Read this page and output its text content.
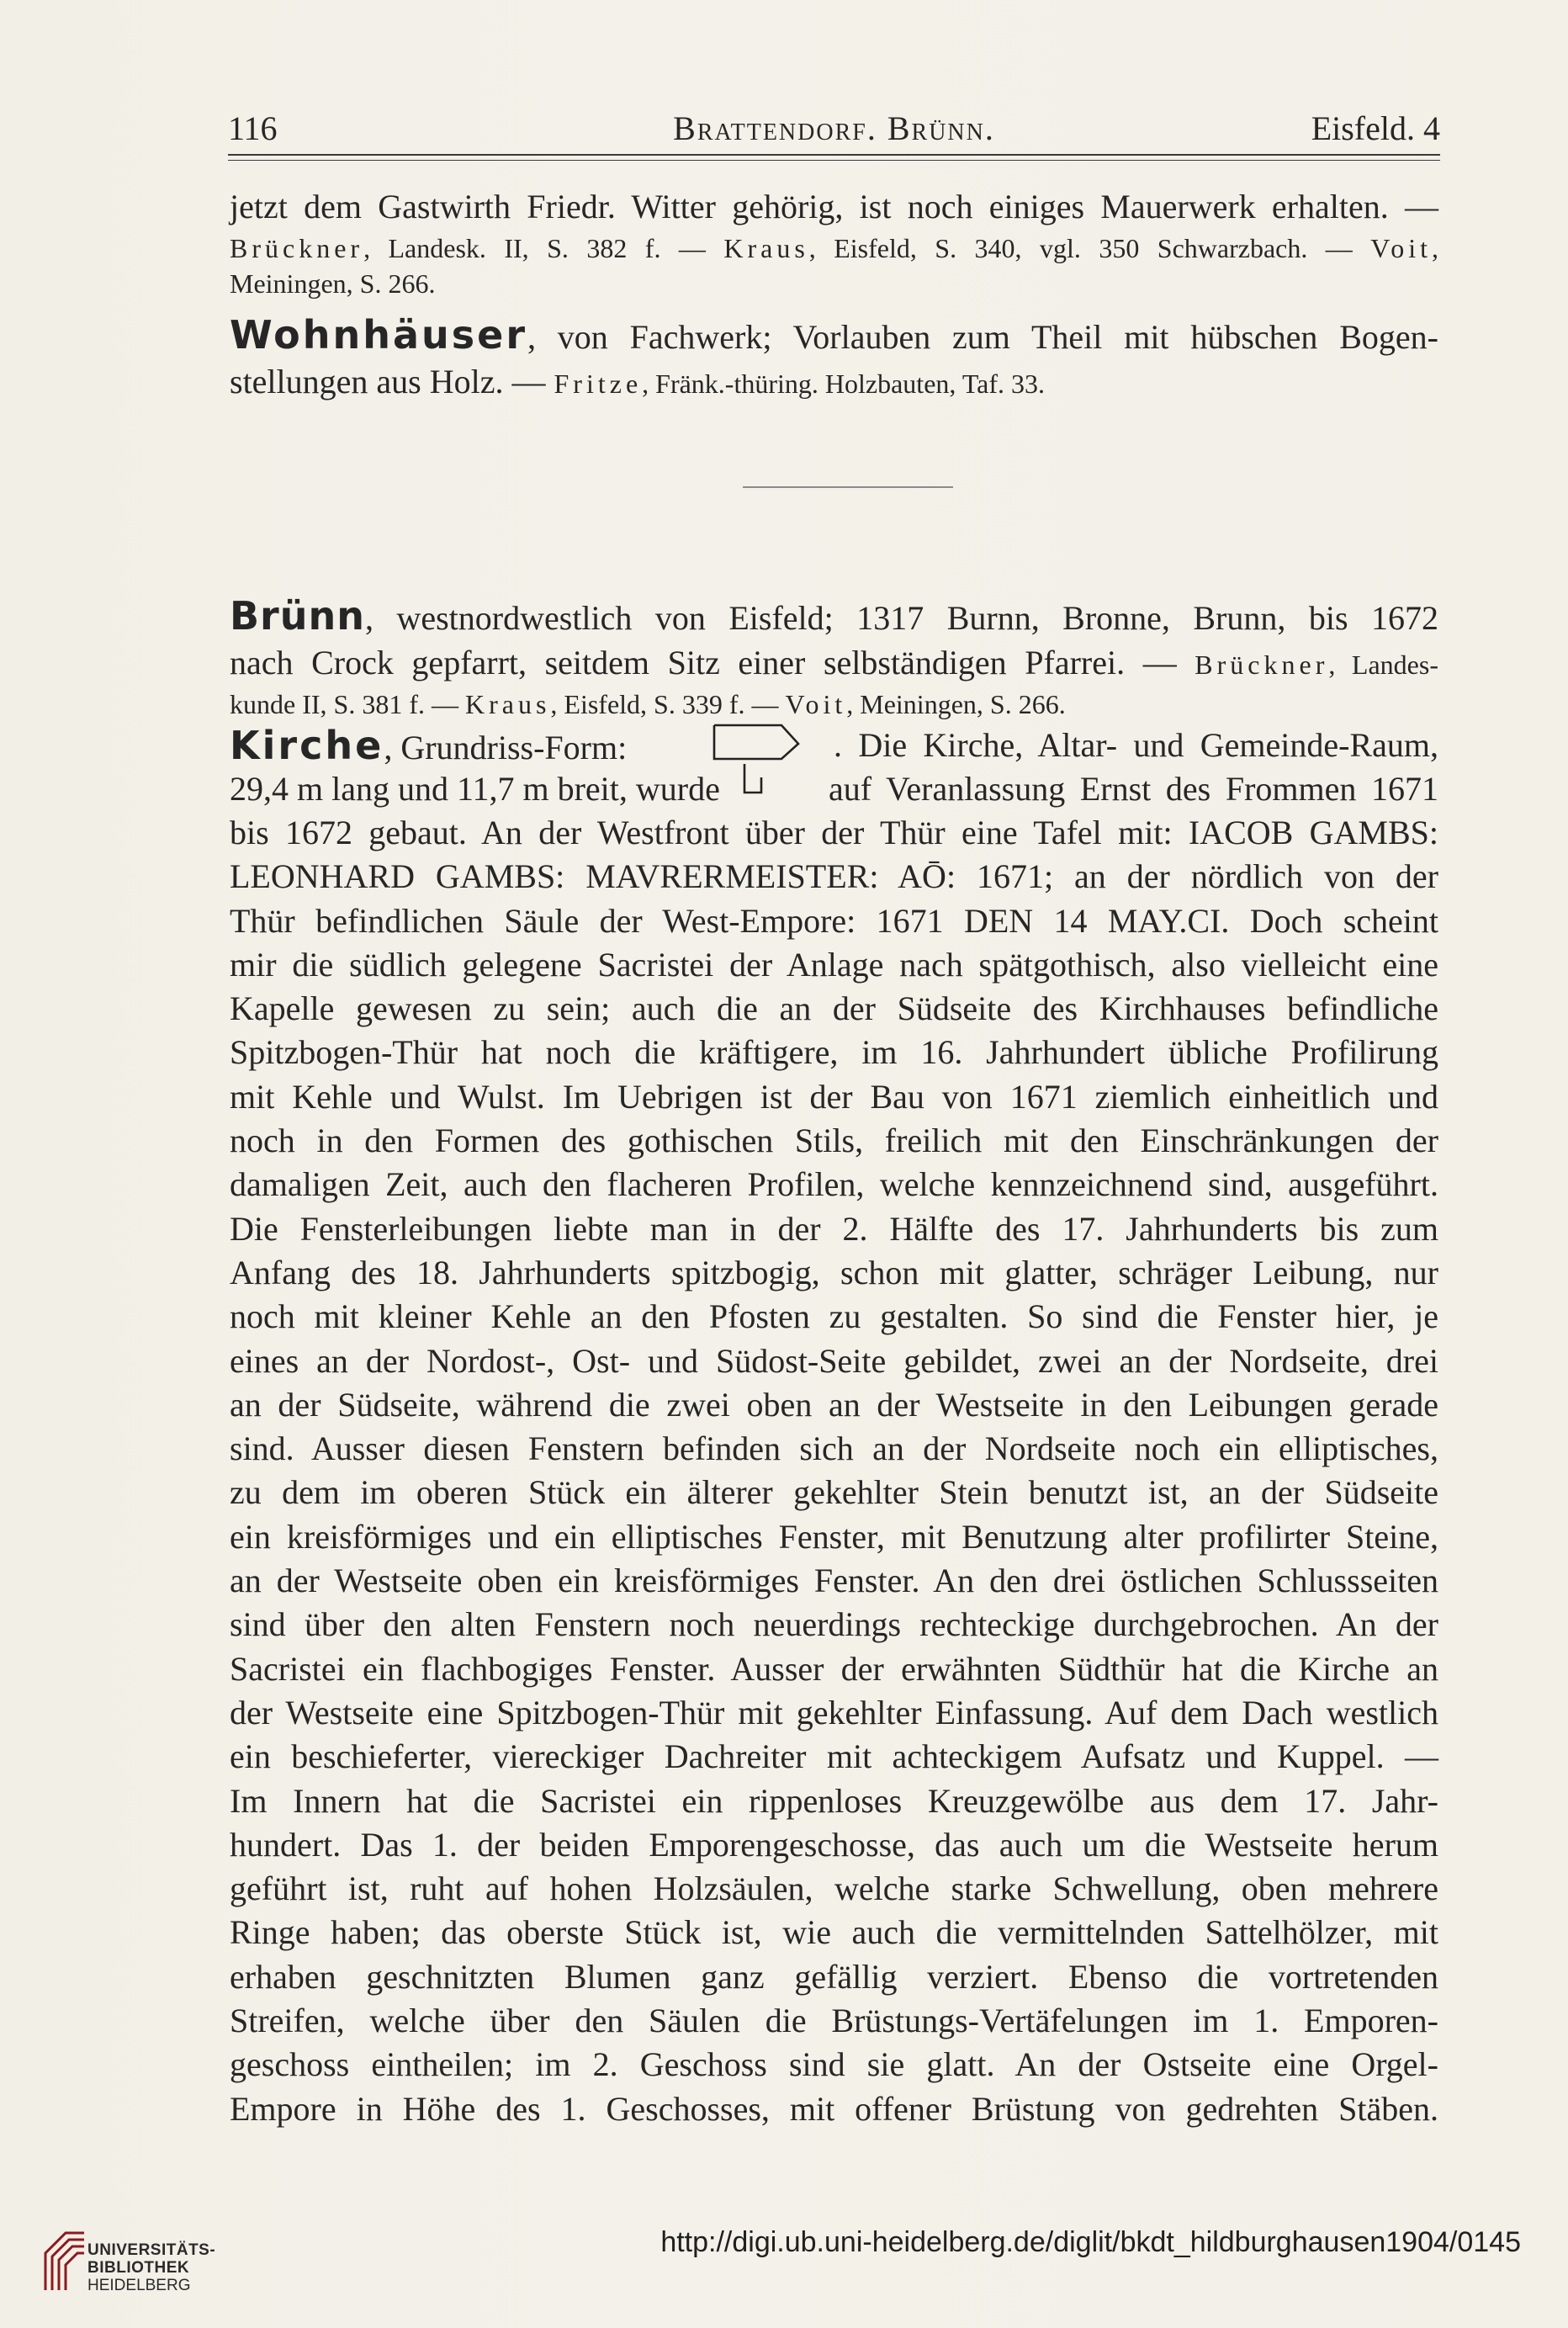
116	Brattendorf. Brünn.	Eisfeld. 4
jetzt dem Gastwirth Friedr. Witter gehörig, ist noch einiges Mauerwerk erhalten. —
Brückner, Landesk. II, S. 382 f. — Kraus, Eisfeld, S. 340, vgl. 350 Schwarzbach. — Voit,
Meiningen, S. 266.
Wohnhäuser, von Fachwerk; Vorlauben zum Theil mit hübschen Bogen-
stellungen aus Holz. — Fritze, Fränk.-thüring. Holzbauten, Taf. 33.
Brünn, westnordwestlich von Eisfeld; 1317 Burnn, Bronne, Brunn, bis 1672
nach Crock gepfarrt, seitdem Sitz einer selbständigen Pfarrei. — Brückner, Landes-
kunde II, S. 381 f. — Kraus, Eisfeld, S. 339 f. — Voit, Meiningen, S. 266.
Kirche, Grundriss-Form:	. Die Kirche, Altar- und Gemeinde-Raum,
29,4 m lang und 11,7 m breit, wurde	auf Veranlassung Ernst des Frommen 1671
bis 1672 gebaut. An der Westfront über der Thür eine Tafel mit: IACOB GAMBS:
LEONHARD GAMBS: MAVRERMEISTER: AŌ: 1671; an der nördlich von der
Thür befindlichen Säule der West-Empore: 1671 DEN 14 MAY.CI. Doch scheint
mir die südlich gelegene Sacristei der Anlage nach spätgothisch, also vielleicht eine
Kapelle gewesen zu sein; auch die an der Südseite des Kirchhauses befindliche
Spitzbogen-Thür hat noch die kräftigere, im 16. Jahrhundert übliche Profilirung
mit Kehle und Wulst. Im Uebrigen ist der Bau von 1671 ziemlich einheitlich und
noch in den Formen des gothischen Stils, freilich mit den Einschränkungen der
damaligen Zeit, auch den flacheren Profilen, welche kennzeichnend sind, ausgeführt.
Die Fensterleibungen liebte man in der 2. Hälfte des 17. Jahrhunderts bis zum
Anfang des 18. Jahrhunderts spitzbogig, schon mit glatter, schräger Leibung, nur
noch mit kleiner Kehle an den Pfosten zu gestalten. So sind die Fenster hier, je
eines an der Nordost-, Ost- und Südost-Seite gebildet, zwei an der Nordseite, drei
an der Südseite, während die zwei oben an der Westseite in den Leibungen gerade
sind. Ausser diesen Fenstern befinden sich an der Nordseite noch ein elliptisches,
zu dem im oberen Stück ein älterer gekehlter Stein benutzt ist, an der Südseite
ein kreisförmiges und ein elliptisches Fenster, mit Benutzung alter profilirter Steine,
an der Westseite oben ein kreisförmiges Fenster. An den drei östlichen Schlussseiten
sind über den alten Fenstern noch neuerdings rechteckige durchgebrochen. An der
Sacristei ein flachbogiges Fenster. Ausser der erwähnten Südthür hat die Kirche an
der Westseite eine Spitzbogen-Thür mit gekehlter Einfassung. Auf dem Dach westlich
ein beschieferter, viereckiger Dachreiter mit achteckigem Aufsatz und Kuppel. —
Im Innern hat die Sacristei ein rippenloses Kreuzgewölbe aus dem 17. Jahr-
hundert. Das 1. der beiden Emporengeschosse, das auch um die Westseite herum
geführt ist, ruht auf hohen Holzsäulen, welche starke Schwellung, oben mehrere
Ringe haben; das oberste Stück ist, wie auch die vermittelnden Sattelhölzer, mit
erhaben geschnitzten Blumen ganz gefällig verziert. Ebenso die vortretenden
Streifen, welche über den Säulen die Brüstungs-Vertäfelungen im 1. Emporen-
geschoss eintheilen; im 2. Geschoss sind sie glatt. An der Ostseite eine Orgel-
Empore in Höhe des 1. Geschosses, mit offener Brüstung von gedrehten Stäben.
UNIVERSITÄTS-
BIBLIOTHEK
HEIDELBERG
http://digi.ub.uni-heidelberg.de/diglit/bkdt_hildburghausen1904/0145
